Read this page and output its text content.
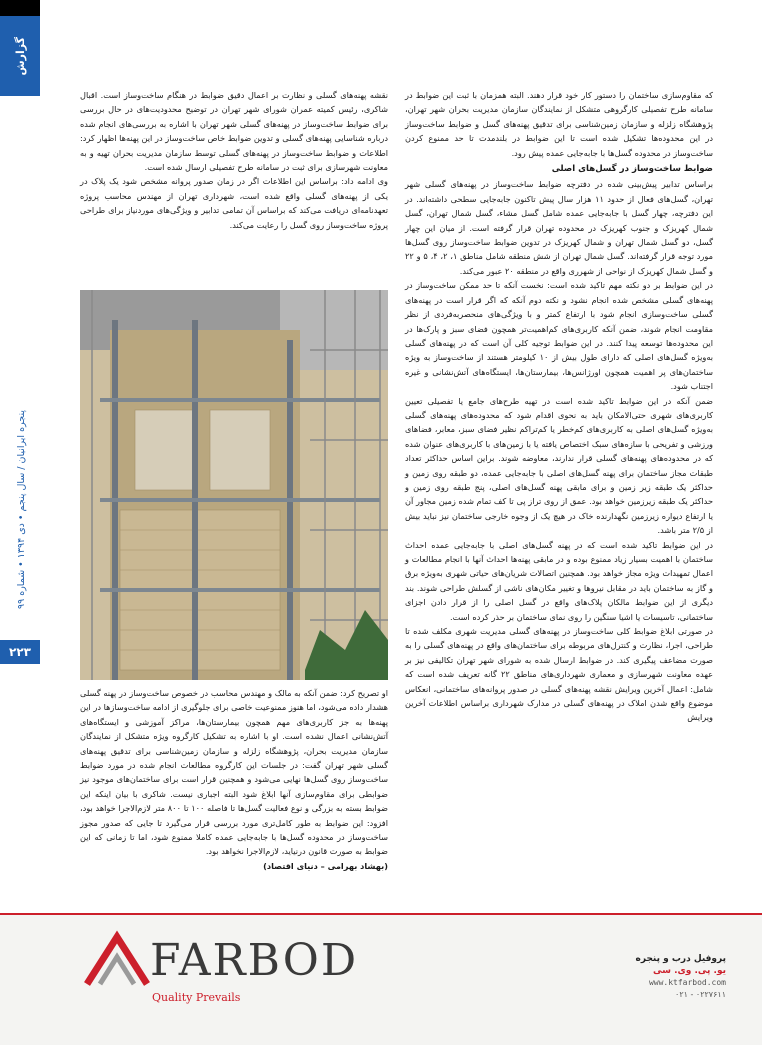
گزارش
پنجره ایرانیان / سال پنجم • دی ۱۳۹۴ • شماره ۹۹
۲۲۳

که مقاوم‌سازی ساختمان را دستور کار خود قرار دهند. البته همزمان با ثبت این ضوابط در سامانه طرح تفصیلی کارگروهی متشکل از نمایندگان سازمان مدیریت بحران شهر تهران، پژوهشگاه زلزله و سازمان زمین‌شناسی برای تدقیق پهنه‌های گسل و ضوابط ساخت‌وساز در این محدوده‌ها تشکیل شده است تا این ضوابط در بلندمدت تا حد ممنوع کردن ساخت‌وساز در محدوده گسل‌ها با جابه‌جایی عمده پیش رود.

ضوابط ساخت‌وساز در گسل‌های اصلی

براساس تدابیر پیش‌بینی شده در دفترچه ضوابط ساخت‌وساز در پهنه‌های گسلی شهر تهران، گسل‌های فعال از حدود ۱۱ هزار سال پیش تاکنون جابه‌جایی سطحی داشته‌اند. در این دفترچه، چهار گسل با جابه‌جایی عمده شامل گسل مشاء، گسل شمال تهران، گسل شمال کهریزک و جنوب کهریزک در محدوده تهران قرار گرفته است. از میان این چهار گسل، دو گسل شمال تهران و شمال کهریزک در تدوین ضوابط ساخت‌وساز روی گسل‌ها مورد توجه قرار گرفته‌اند. گسل شمال تهران از شش منطقه شامل مناطق ۱، ۲، ۴، ۵ و ۲۲ و گسل شمال کهریزک از نواحی از شهرری واقع در منطقه ۲۰ عبور می‌کند.

در این ضوابط بر دو نکته مهم تاکید شده است: نخست آنکه تا حد ممکن ساخت‌وساز در پهنه‌های گسلی مشخص شده انجام نشود و نکته دوم آنکه که اگر قرار است در پهنه‌های گسلی ساخت‌وسازی انجام شود با ارتفاع کمتر و با ویژگی‌های منحصربه‌فردی از نظر مقاومت انجام شوند، ضمن آنکه کاربری‌های کم‌اهمیت‌تر همچون فضای سبز و پارک‌ها در این محدوده‌ها توسعه پیدا کنند. در این ضوابط توجیه کلی آن است که در پهنه‌های گسلی به‌ویژه گسل‌های اصلی که دارای طول بیش از ۱۰ کیلومتر هستند از ساخت‌وساز به ویژه ساختمان‌های پر اهمیت همچون اورژانس‌ها، بیمارستان‌ها، ایستگاه‌های آتش‌نشانی و غیره اجتناب شود.

ضمن آنکه در این ضوابط تاکید شده است در تهیه طرح‌های جامع یا تفصیلی تعیین کاربری‌های شهری حتی‌الامکان باید به نحوی اقدام شود که محدوده‌های پهنه‌های گسلی به‌ویژه گسل‌های اصلی به کاربری‌های کم‌خطر یا کم‌تراکم نظیر فضای سبز، معابر، فضاهای ورزشی و تفریحی با سازه‌های سبک اختصاص یافته یا با زمین‌های با کاربری‌های عنوان شده که در محدوده‌های پهنه‌های گسلی قرار ندارند، معاوضه شوند. براین اساس حداکثر تعداد طبقات مجاز ساختمان برای پهنه گسل‌های اصلی با جابه‌جایی عمده، دو طبقه روی زمین و حداکثر یک طبقه زیر زمین و برای مابقی پهنه گسل‌های اصلی، پنج طبقه روی زمین و حداکثر یک طبقه زیرزمین خواهد بود. عمق از روی تراز پی تا کف تمام شده زمین مجاور آن یا ارتفاع دیواره زیرزمین نگهدارنده خاک در هیچ یک از وجوه خارجی ساختمان نیز نباید بیش از ۲/۵ متر باشد.

در این ضوابط تاکید شده است که در پهنه گسل‌های اصلی با جابه‌جایی عمده احداث ساختمان با اهمیت بسیار زیاد ممنوع بوده و در مابقی پهنه‌ها احداث آنها با انجام مطالعات و اعمال تمهیدات ویژه مجاز خواهد بود. همچنین اتصالات شریان‌های حیاتی شهری به‌ویژه برق و گاز به ساختمان باید در مقابل نیروها و تغییر مکان‌های ناشی از گسلش طراحی شوند. بند دیگری از این ضوابط مالکان پلاک‌های واقع در گسل اصلی را از قرار دادن اجزای ساختمانی، تاسیسات یا اشیا سنگین را روی نمای ساختمان بر حذر کرده است.

در صورتی ابلاغ ضوابط کلی ساخت‌وساز در پهنه‌های گسلی مدیریت شهری مکلف شده تا طراحی، اجرا، نظارت و کنترل‌های مربوطه برای ساختمان‌های واقع در پهنه‌های گسلی را به صورت مضاعف پیگیری کند. در ضوابط ارسال شده به شورای شهر تهران تکالیفی نیز بر عهده معاونت شهرسازی و معماری شهرداری‌های مناطق ۲۲ گانه تعریف شده است که شامل: اعمال آخرین ویرایش نقشه پهنه‌های گسلی در صدور پروانه‌های ساختمانی، انعکاس موضوع واقع شدن املاک در پهنه‌های گسلی در مدارک شهرداری براساس اطلاعات آخرین ویرایش

نقشه پهنه‌های گسلی و نظارت بر اعمال دقیق ضوابط در هنگام ساخت‌وساز است. اقبال شاکری، رئیس کمیته عمران شورای شهر تهران در توضیح محدودیت‌های در حال بررسی برای ضوابط ساخت‌وساز در پهنه‌های گسلی شهر تهران با اشاره به بررسی‌های انجام شده درباره شناسایی پهنه‌های گسلی و تدوین ضوابط خاص ساخت‌وساز در این پهنه‌ها اظهار کرد: اطلاعات و ضوابط ساخت‌وساز در پهنه‌های گسلی توسط سازمان مدیریت بحران تهیه و به معاونت شهرسازی برای ثبت در سامانه طرح تفصیلی ارسال شده است.

وی ادامه داد: براساس این اطلاعات اگر در زمان صدور پروانه مشخص شود یک پلاک در یکی از پهنه‌های گسلی واقع شده است، شهرداری تهران از مهندس محاسب پروژه تعهدنامه‌ای دریافت می‌کند که براساس آن تمامی تدابیر و ویژگی‌های موردنیاز برای طراحی پروژه ساخت‌وساز روی گسل را رعایت می‌کند.

او تصریح کرد: ضمن آنکه به مالک و مهندس محاسب در خصوص ساخت‌وساز در پهنه گسلی هشدار داده می‌شود، اما هنوز ممنوعیت خاصی برای جلوگیری از ادامه ساخت‌وسازها در این پهنه‌ها به جز کاربری‌های مهم همچون بیمارستان‌ها، مراکز آموزشی و ایستگاه‌های آتش‌نشانی اعمال نشده است. او با اشاره به تشکیل کارگروه ویژه متشکل از نمایندگان سازمان مدیریت بحران، پژوهشگاه زلزله و سازمان زمین‌شناسی برای تدقیق پهنه‌های گسلی شهر تهران گفت: در جلسات این کارگروه مطالعات انجام شده در مورد ضوابط ساخت‌وساز روی گسل‌ها نهایی می‌شود و همچنین قرار است برای ساختمان‌های موجود نیز ضوابطی برای مقاوم‌سازی آنها ابلاغ شود البته اجباری نیست. شاکری با بیان اینکه این ضوابط بسته به بزرگی و نوع فعالیت گسل‌ها تا فاصله ۱۰۰ تا ۸۰۰ متر لازم‌الاجرا خواهد بود، افزود: این ضوابط به طور کامل‌تری مورد بررسی قرار می‌گیرد تا جایی که صدور مجوز ساخت‌وساز در محدوده گسل‌ها با جابه‌جایی عمده کاملا ممنوع شود، اما تا زمانی که این ضوابط به صورت قانون درنیاید، لازم‌الاجرا نخواهد بود.

(بهشاد بهرامی – دنیای اقتصاد)

FARBOD
Quality Prevails
پروفیل درب و پنجره
یو. پی. وی. سی
www.ktfarbod.com
۰۲۱ - ۰۲۲۷۶۱۱
